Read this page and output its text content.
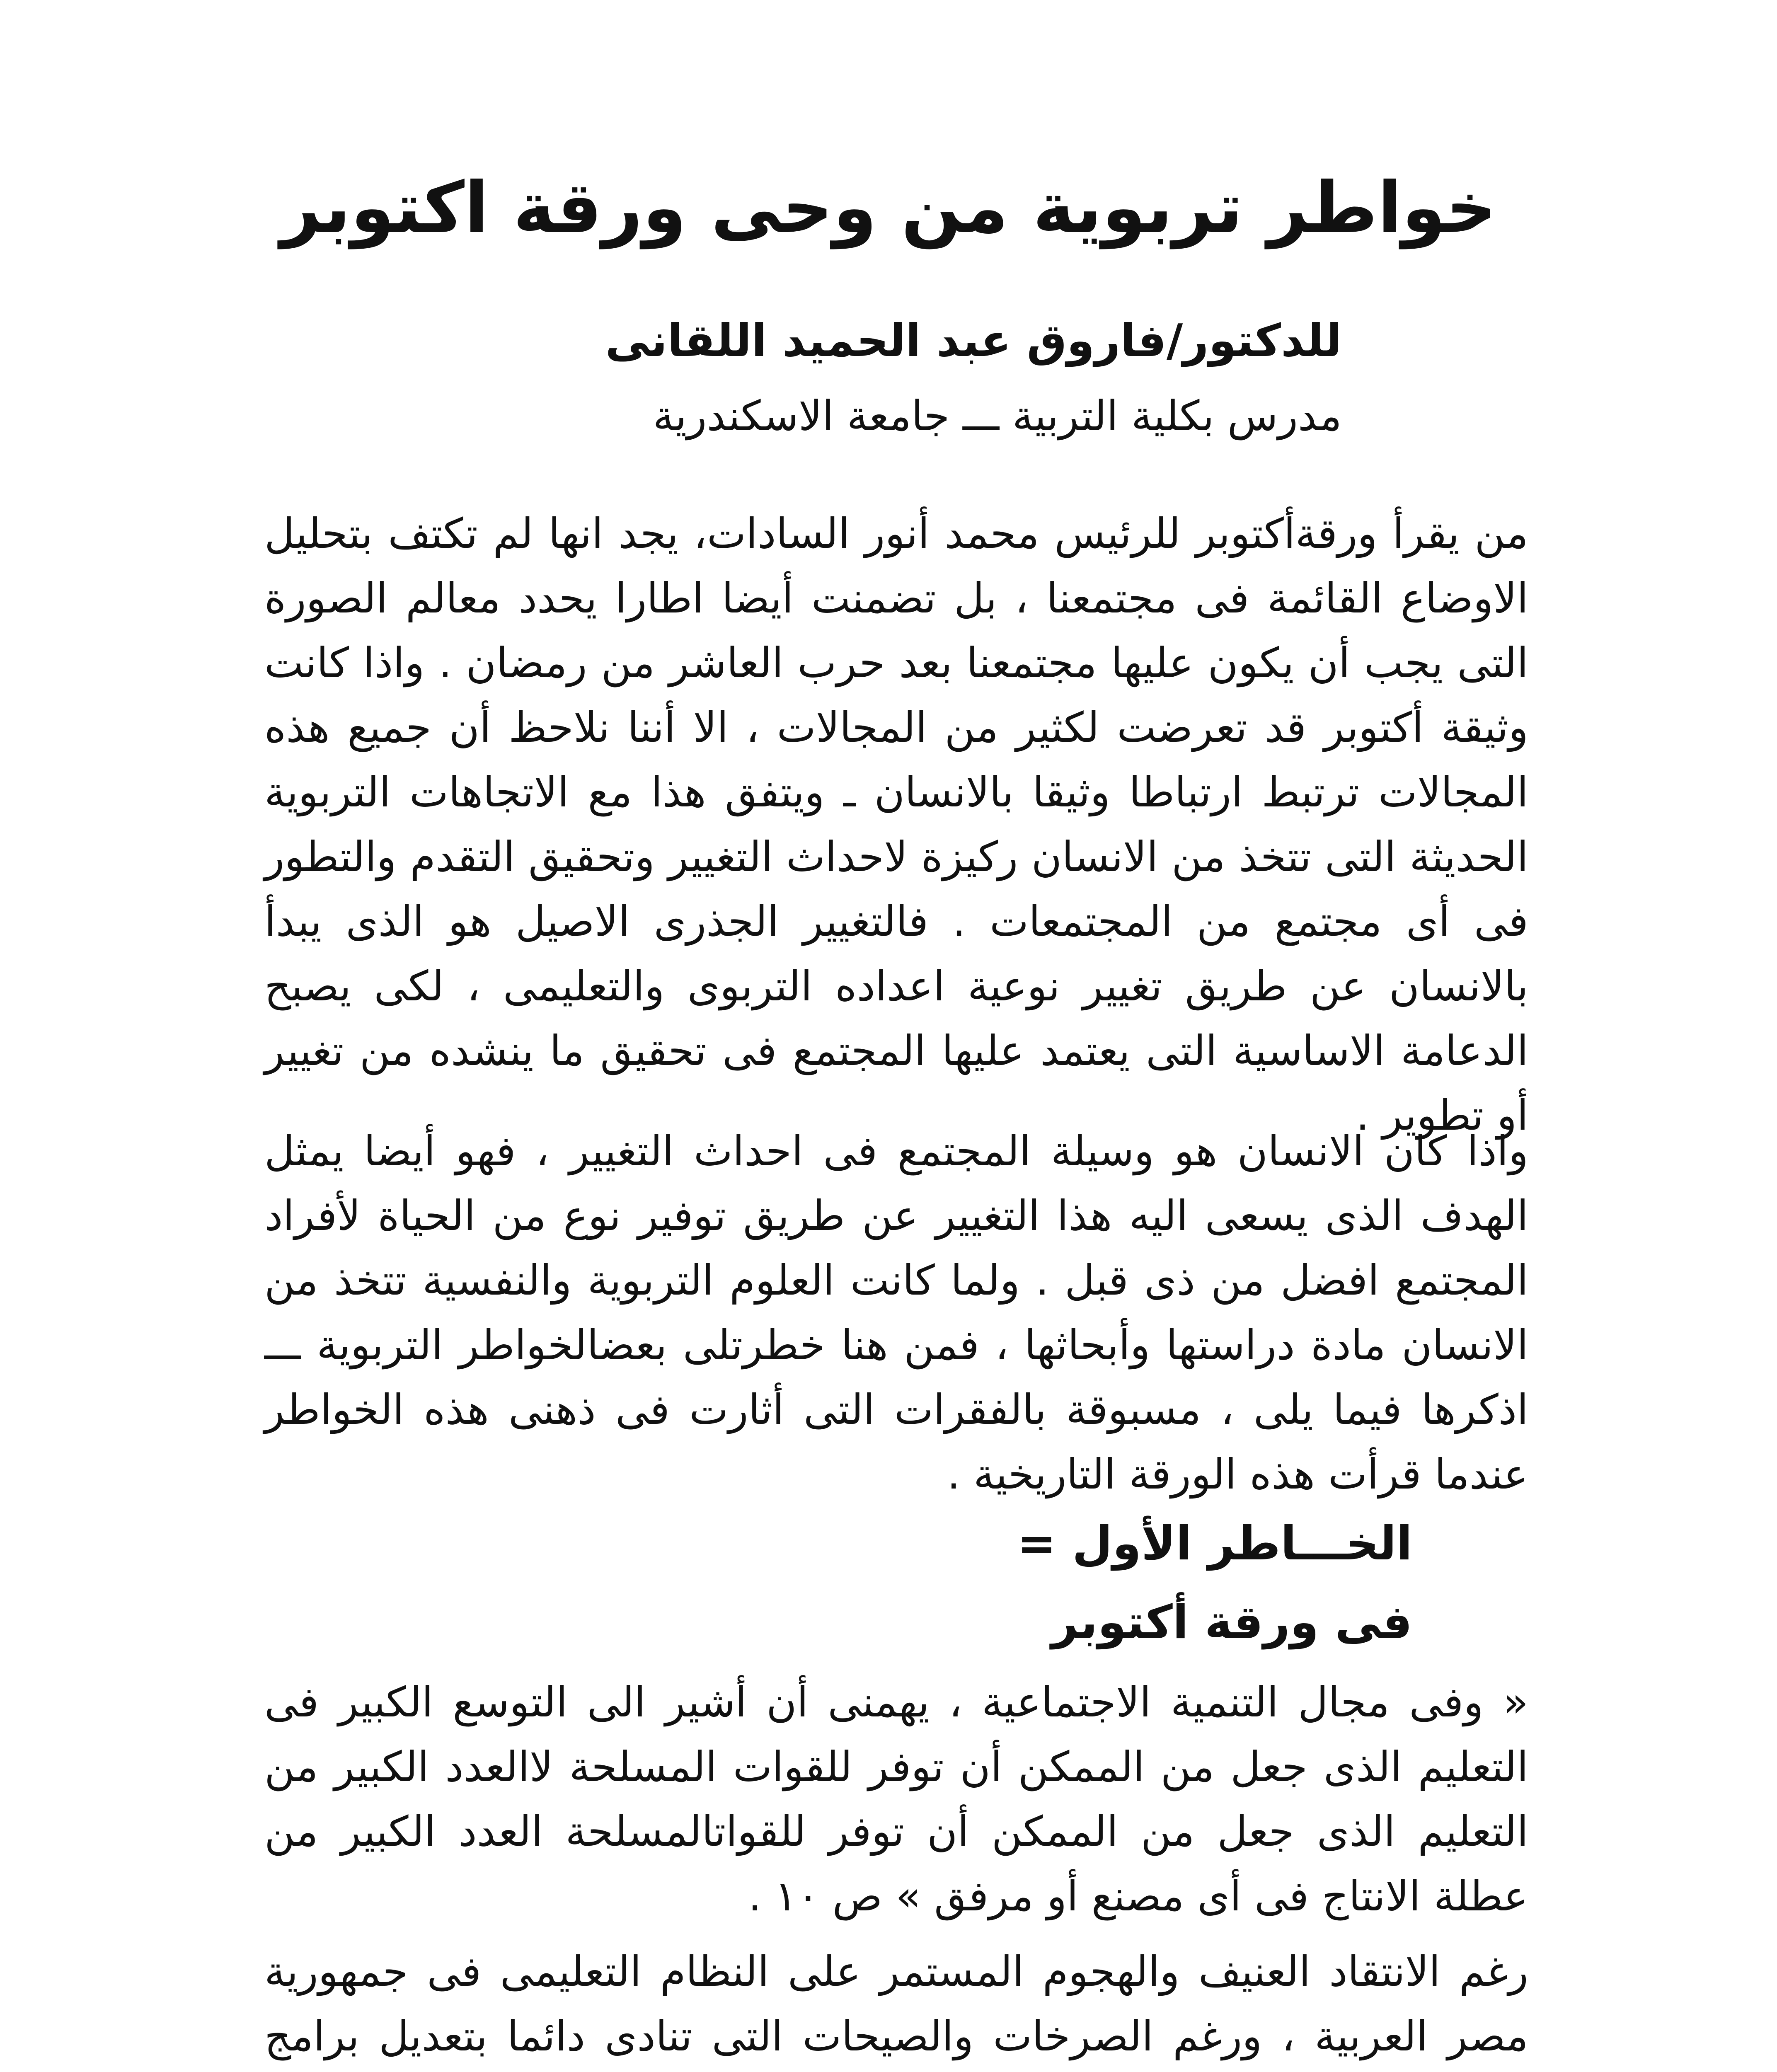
خواطر تربوية من وحى ورقة اكتوبر
للدكتور/فاروق عبد الحميد اللقانى
مدرس بكلية التربية ـــ جامعة الاسكندرية

من يقرأ ورقةأكتوبر للرئيس محمد أنور السادات، يجد انها لم تكتف بتحليل الاوضاع القائمة فى مجتمعنا ، بل تضمنت أيضا اطارا يحدد معالم الصورة التى يجب أن يكون عليها مجتمعنا بعد حرب العاشر من رمضان . واذا كانت وثيقة أكتوبر قد تعرضت لكثير من المجالات ، الا أننا نلاحظ أن جميع هذه المجالات ترتبط ارتباطا وثيقا بالانسان ـ ويتفق هذا مع الاتجاهات التربوية الحديثة التى تتخذ من الانسان ركيزة لاحداث التغيير وتحقيق التقدم والتطور فى أى مجتمع من المجتمعات . فالتغيير الجذرى الاصيل هو الذى يبدأ بالانسان عن طريق تغيير نوعية اعداده التربوى والتعليمى ، لكى يصبح الدعامة الاساسية التى يعتمد عليها المجتمع فى تحقيق ما ينشده من تغيير أو تطوير .

واذا كان الانسان هو وسيلة المجتمع فى احداث التغيير ، فهو أيضا يمثل الهدف الذى يسعى اليه هذا التغيير عن طريق توفير نوع من الحياة لأفراد المجتمع افضل من ذى قبل . ولما كانت العلوم التربوية والنفسية تتخذ من الانسان مادة دراستها وأبحاثها ، فمن هنا خطرتلى بعضالخواطر التربوية ـــ اذكرها فيما يلى ، مسبوقة بالفقرات التى أثارت فى ذهنى هذه الخواطر عندما قرأت هذه الورقة التاريخية .

الخـــاطر الأول =
فى ورقة أكتوبر

« وفى مجال التنمية الاجتماعية ، يهمنى أن أشير الى التوسع الكبير فى التعليم الذى جعل من الممكن أن توفر للقوات المسلحة لاالعدد الكبير من التعليم الذى جعل من الممكن أن توفر للقواتالمسلحة العدد الكبير من عطلة الانتاج فى أى مصنع أو مرفق » ص ١٠ .

رغم الانتقاد العنيف والهجوم المستمر على النظام التعليمى فى جمهورية مصر العربية ، ورغم الصرخات والصيحات التى تنادى دائما بتعديل برامج
